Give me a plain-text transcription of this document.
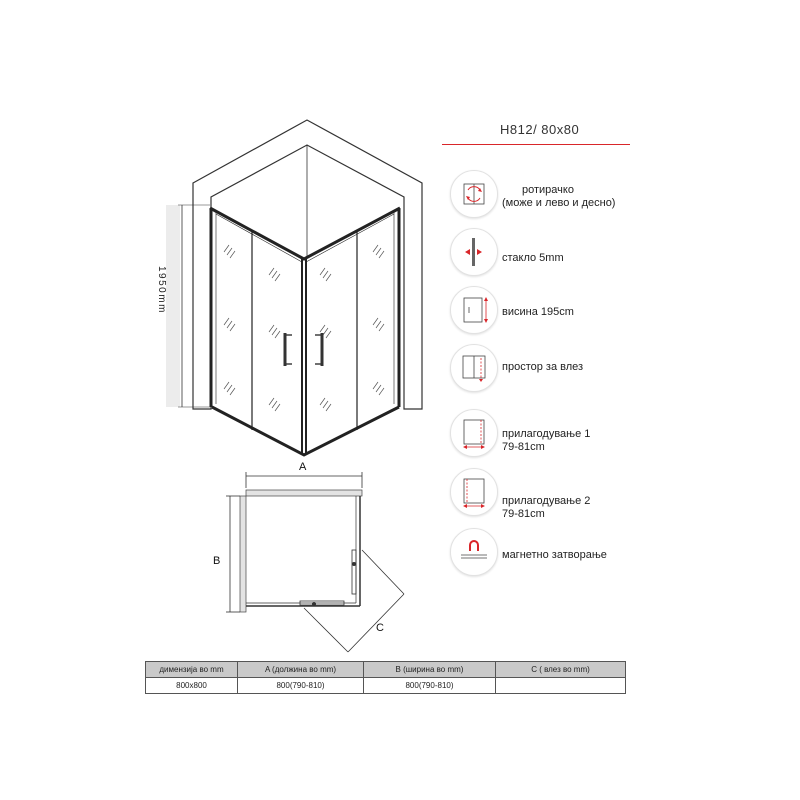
1950mm
A
B
C
H812/ 80x80
ротирачко
(може и лево и десно)
стакло 5mm
висина 195cm
простор за влез
прилагодување 1
79-81cm
прилагодување 2
79-81cm
магнетно затворање
димензија во mm	A (должина во mm)	B (ширина во mm)	C ( влез во mm)
800x800	800(790-810)	800(790-810)	
